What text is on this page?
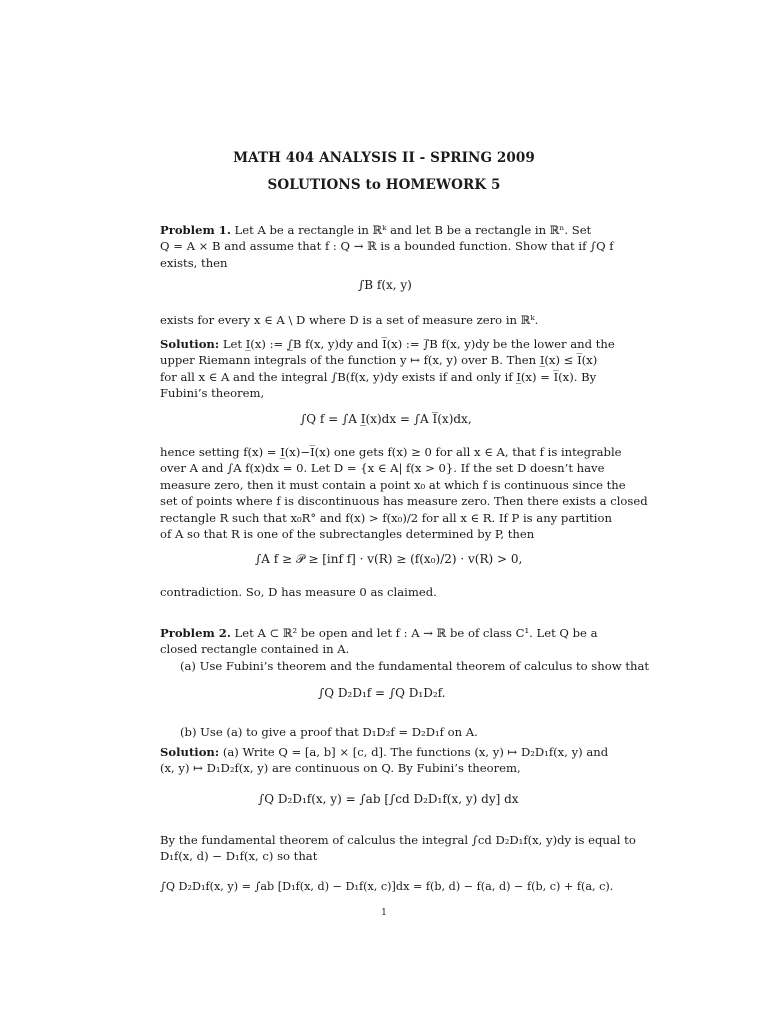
MATH 404 ANALYSIS II - SPRING 2009
SOLUTIONS to HOMEWORK 5
Problem 1. Let A be a rectangle in ℝᵏ and let B be a rectangle in ℝⁿ. Set
Q = A × B and assume that f : Q → ℝ is a bounded function. Show that if ∫Q f
exists, then
∫B f(x, y)
exists for every x ∈ A \ D where D is a set of measure zero in ℝᵏ.
Solution: Let I̲(x) := ∫̲B f(x, y)dy and I̅(x) := ∫̅B f(x, y)dy be the lower and the
upper Riemann integrals of the function y ↦ f(x, y) over B. Then I̲(x) ≤ I̅(x)
for all x ∈ A and the integral ∫B(f(x, y)dy exists if and only if I̲(x) = I̅(x). By
Fubini’s theorem,
∫Q f = ∫A I̲(x)dx = ∫A I̅(x)dx,
hence setting f(x) = I̲(x)−I̅(x) one gets f(x) ≥ 0 for all x ∈ A, that f is integrable
over A and ∫A f(x)dx = 0. Let D = {x ∈ A| f(x > 0}. If the set D doesn’t have
measure zero, then it must contain a point x₀ at which f is continuous since the
set of points where f is discontinuous has measure zero. Then there exists a closed
rectangle R such that x₀R° and f(x) > f(x₀)/2 for all x ∈ R. If P is any partition
of A so that R is one of the subrectangles determined by P, then
∫A f ≥ 𝒫 ≥ [inf f] · v(R) ≥ (f(x₀)/2) · v(R) > 0,
contradiction. So, D has measure 0 as claimed.
Problem 2. Let A ⊂ ℝ² be open and let f : A → ℝ be of class C¹. Let Q be a
closed rectangle contained in A.
(a) Use Fubini’s theorem and the fundamental theorem of calculus to show that
∫Q D₂D₁f = ∫Q D₁D₂f.
(b) Use (a) to give a proof that D₁D₂f = D₂D₁f on A.
Solution: (a) Write Q = [a, b] × [c, d]. The functions (x, y) ↦ D₂D₁f(x, y) and
(x, y) ↦ D₁D₂f(x, y) are continuous on Q. By Fubini’s theorem,
∫Q D₂D₁f(x, y) = ∫ab [∫cd D₂D₁f(x, y) dy] dx
By the fundamental theorem of calculus the integral ∫cd D₂D₁f(x, y)dy is equal to
D₁f(x, d) − D₁f(x, c) so that
∫Q D₂D₁f(x, y) = ∫ab [D₁f(x, d) − D₁f(x, c)]dx = f(b, d) − f(a, d) − f(b, c) + f(a, c).
1
